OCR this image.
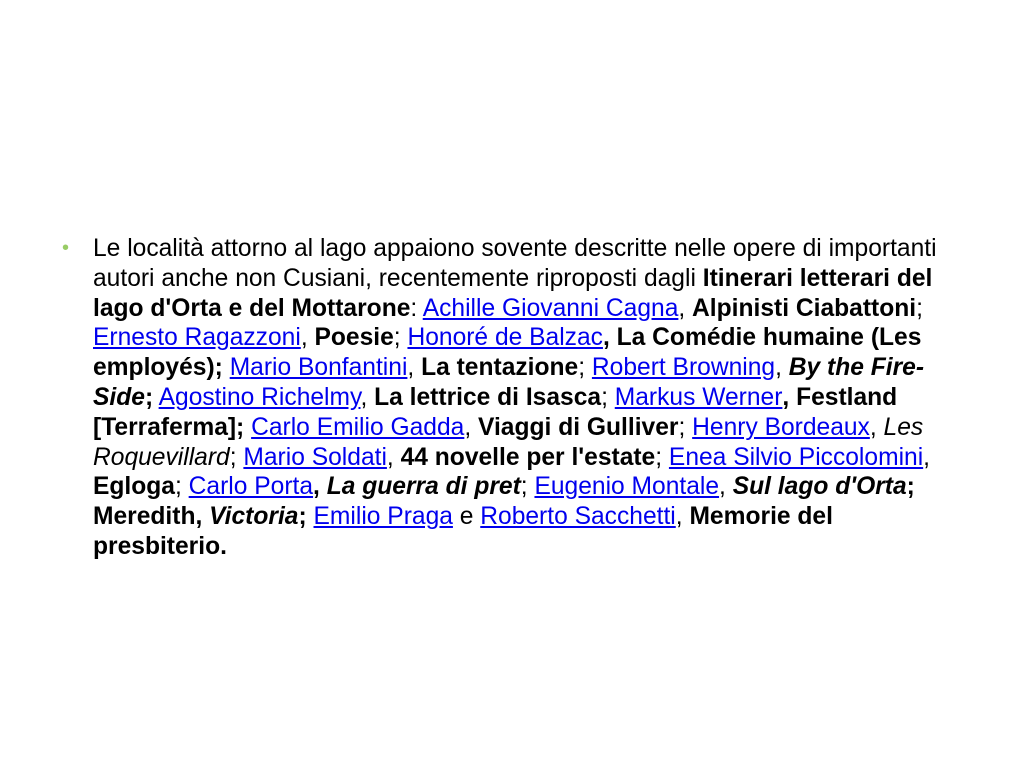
• Le località attorno al lago appaiono sovente descritte nelle opere di importanti autori anche non Cusiani, recentemente riproposti dagli Itinerari letterari del lago d'Orta e del Mottarone: Achille Giovanni Cagna, Alpinisti Ciabattoni; Ernesto Ragazzoni, Poesie; Honoré de Balzac, La Comédie humaine (Les employés); Mario Bonfantini, La tentazione; Robert Browning, By the Fire-Side; Agostino Richelmy, La lettrice di Isasca; Markus Werner, Festland [Terraferma]; Carlo Emilio Gadda, Viaggi di Gulliver; Henry Bordeaux, Les Roquevillard; Mario Soldati, 44 novelle per l'estate; Enea Silvio Piccolomini, Egloga; Carlo Porta, La guerra di pret; Eugenio Montale, Sul lago d'Orta; Meredith, Victoria; Emilio Praga e Roberto Sacchetti, Memorie del presbiterio.
